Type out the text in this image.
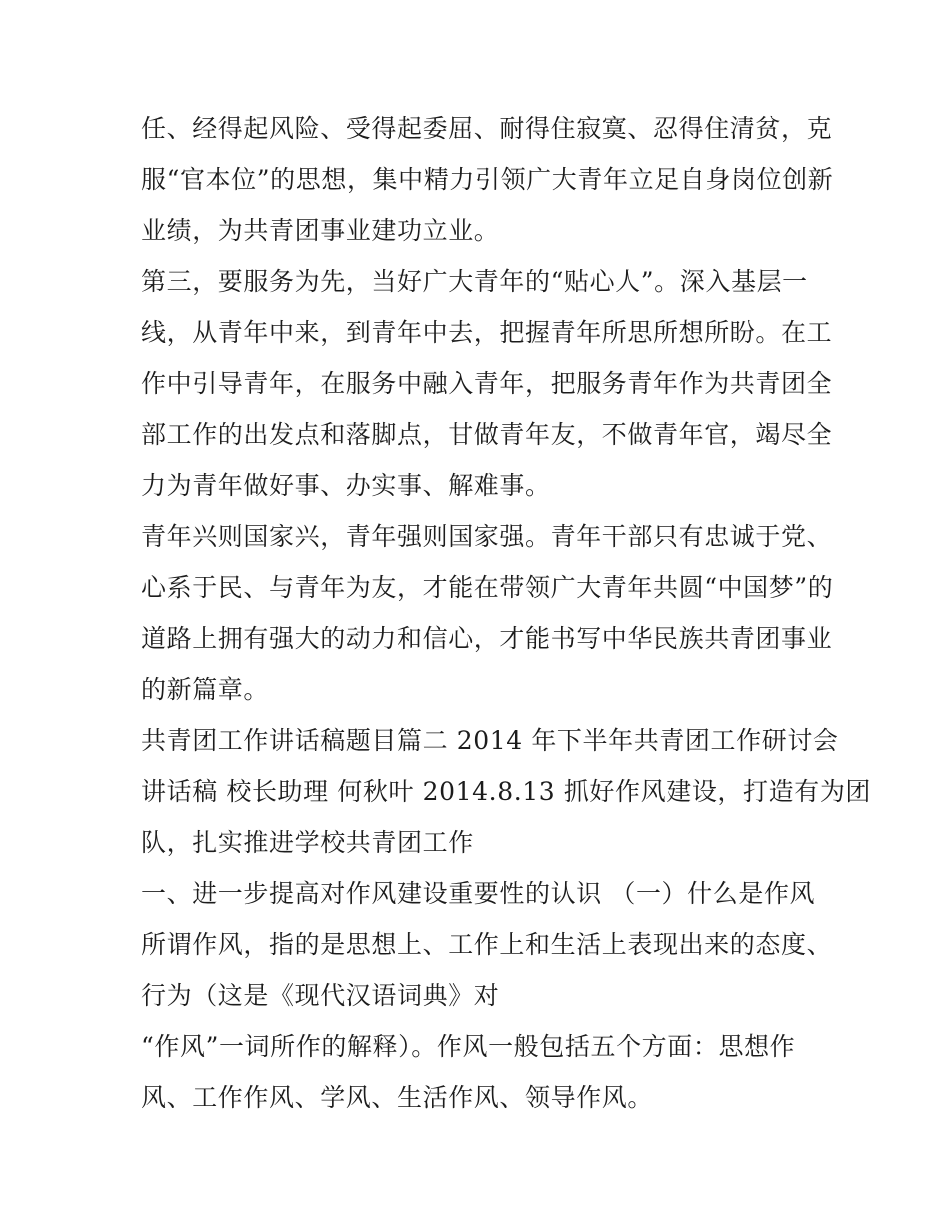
任、经得起风险、受得起委屈、耐得住寂寞、忍得住清贫，克
服“官本位”的思想，集中精力引领广大青年立足自身岗位创新
业绩，为共青团事业建功立业。
第三，要服务为先，当好广大青年的“贴心人”。深入基层一
线，从青年中来，到青年中去，把握青年所思所想所盼。在工
作中引导青年，在服务中融入青年，把服务青年作为共青团全
部工作的出发点和落脚点，甘做青年友，不做青年官，竭尽全
力为青年做好事、办实事、解难事。
青年兴则国家兴，青年强则国家强。青年干部只有忠诚于党、
心系于民、与青年为友，才能在带领广大青年共圆“中国梦”的
道路上拥有强大的动力和信心，才能书写中华民族共青团事业
的新篇章。
共青团工作讲话稿题目篇二 2014 年下半年共青团工作研讨会
讲话稿 校长助理 何秋叶 2014.8.13 抓好作风建设，打造有为团
队，扎实推进学校共青团工作
一、进一步提高对作风建设重要性的认识 （一）什么是作风
所谓作风，指的是思想上、工作上和生活上表现出来的态度、
行为（这是《现代汉语词典》对
“作风”一词所作的解释）。作风一般包括五个方面：思想作
风、工作作风、学风、生活作风、领导作风。
